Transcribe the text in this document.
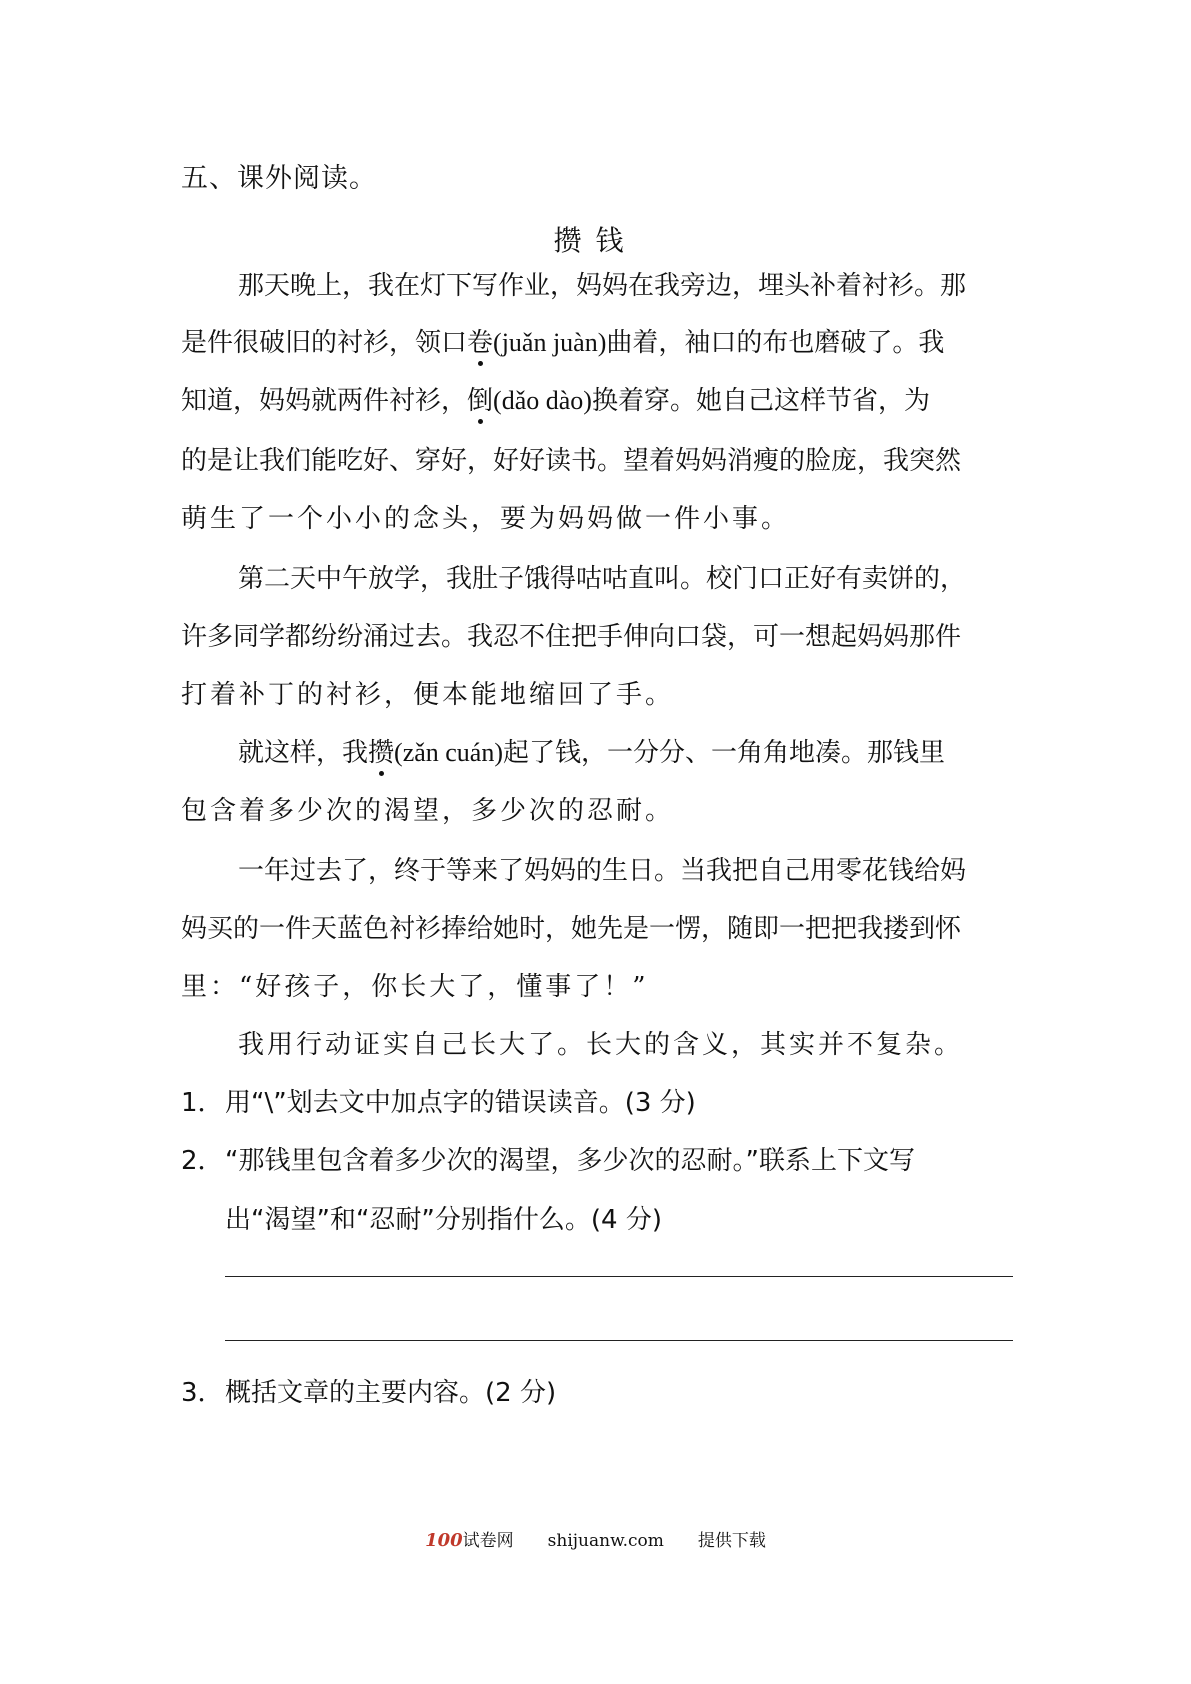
五、课外阅读。
攒钱
那天晚上，我在灯下写作业，妈妈在我旁边，埋头补着衬衫。那
是件很破旧的衬衫，领口卷(juǎn juàn)曲着，袖口的布也磨破了。我
知道，妈妈就两件衬衫，倒(dǎo dào)换着穿。她自己这样节省，为
的是让我们能吃好、穿好，好好读书。望着妈妈消瘦的脸庞，我突然
萌生了一个小小的念头，要为妈妈做一件小事。
第二天中午放学，我肚子饿得咕咕直叫。校门口正好有卖饼的，
许多同学都纷纷涌过去。我忍不住把手伸向口袋，可一想起妈妈那件
打着补丁的衬衫，便本能地缩回了手。
就这样，我攒(zǎn cuán)起了钱，一分分、一角角地凑。那钱里
包含着多少次的渴望，多少次的忍耐。
一年过去了，终于等来了妈妈的生日。当我把自己用零花钱给妈
妈买的一件天蓝色衬衫捧给她时，她先是一愣，随即一把把我搂到怀
里：“好孩子，你长大了，懂事了！”
我用行动证实自己长大了。长大的含义，其实并不复杂。
1．用“\”划去文中加点字的错误读音。(3 分)
2．“那钱里包含着多少次的渴望，多少次的忍耐。”联系上下文写
出“渴望”和“忍耐”分别指什么。(4 分)
3．概括文章的主要内容。(2 分)
100试卷网 shijuanw.com 提供下载
